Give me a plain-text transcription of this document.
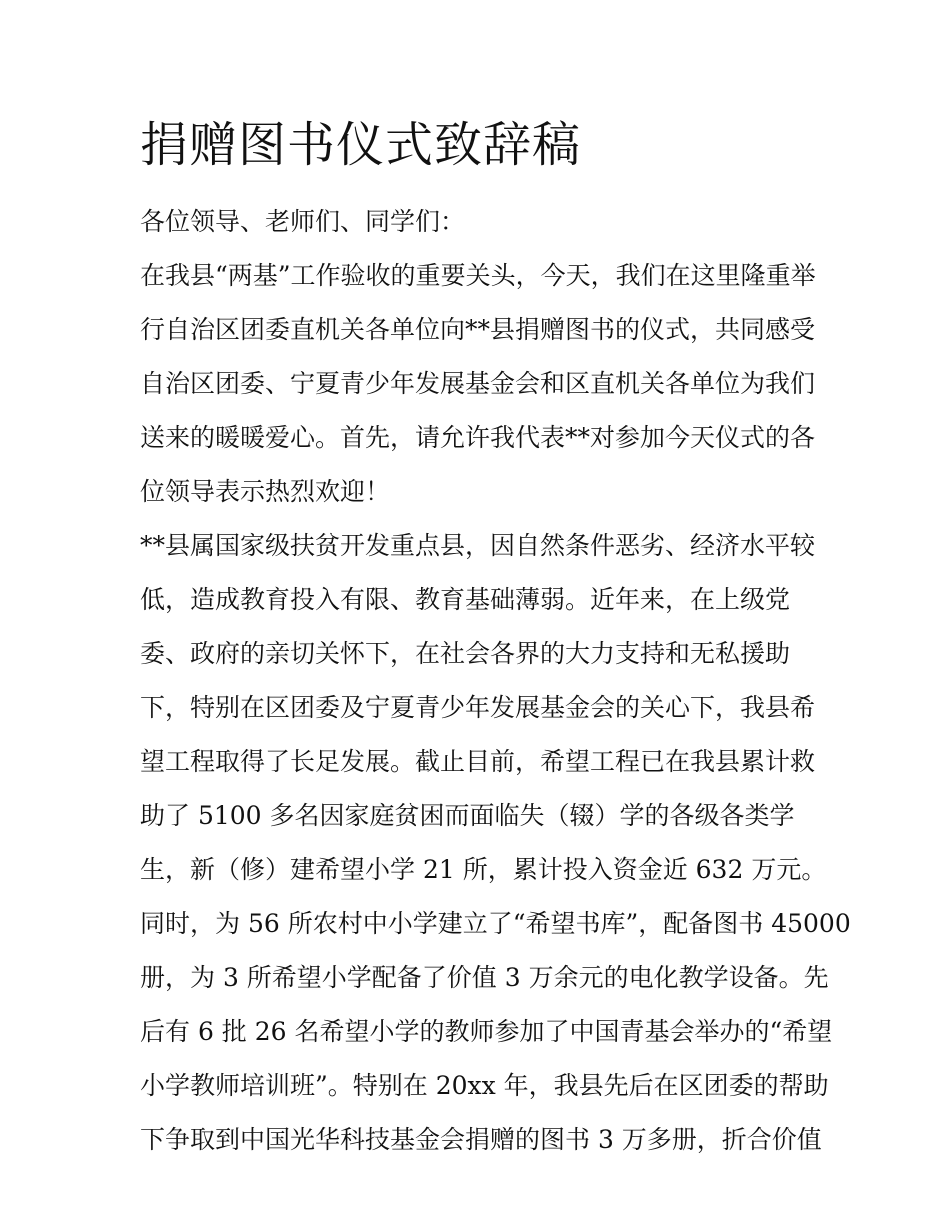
捐赠图书仪式致辞稿

各位领导、老师们、同学们：

在我县“两基”工作验收的重要关头，今天，我们在这里隆重举

行自治区团委直机关各单位向**县捐赠图书的仪式，共同感受

自治区团委、宁夏青少年发展基金会和区直机关各单位为我们

送来的暖暖爱心。首先，请允许我代表**对参加今天仪式的各

位领导表示热烈欢迎！

**县属国家级扶贫开发重点县，因自然条件恶劣、经济水平较

低，造成教育投入有限、教育基础薄弱。近年来，在上级党

委、政府的亲切关怀下，在社会各界的大力支持和无私援助

下，特别在区团委及宁夏青少年发展基金会的关心下，我县希

望工程取得了长足发展。截止目前，希望工程已在我县累计救

助了 5100 多名因家庭贫困而面临失（辍）学的各级各类学

生，新（修）建希望小学 21 所，累计投入资金近 632 万元。

同时，为 56 所农村中小学建立了“希望书库”，配备图书 45000

册，为 3 所希望小学配备了价值 3 万余元的电化教学设备。先

后有 6 批 26 名希望小学的教师参加了中国青基会举办的“希望

小学教师培训班”。特别在 20xx 年，我县先后在区团委的帮助

下争取到中国光华科技基金会捐赠的图书 3 万多册，折合价值
